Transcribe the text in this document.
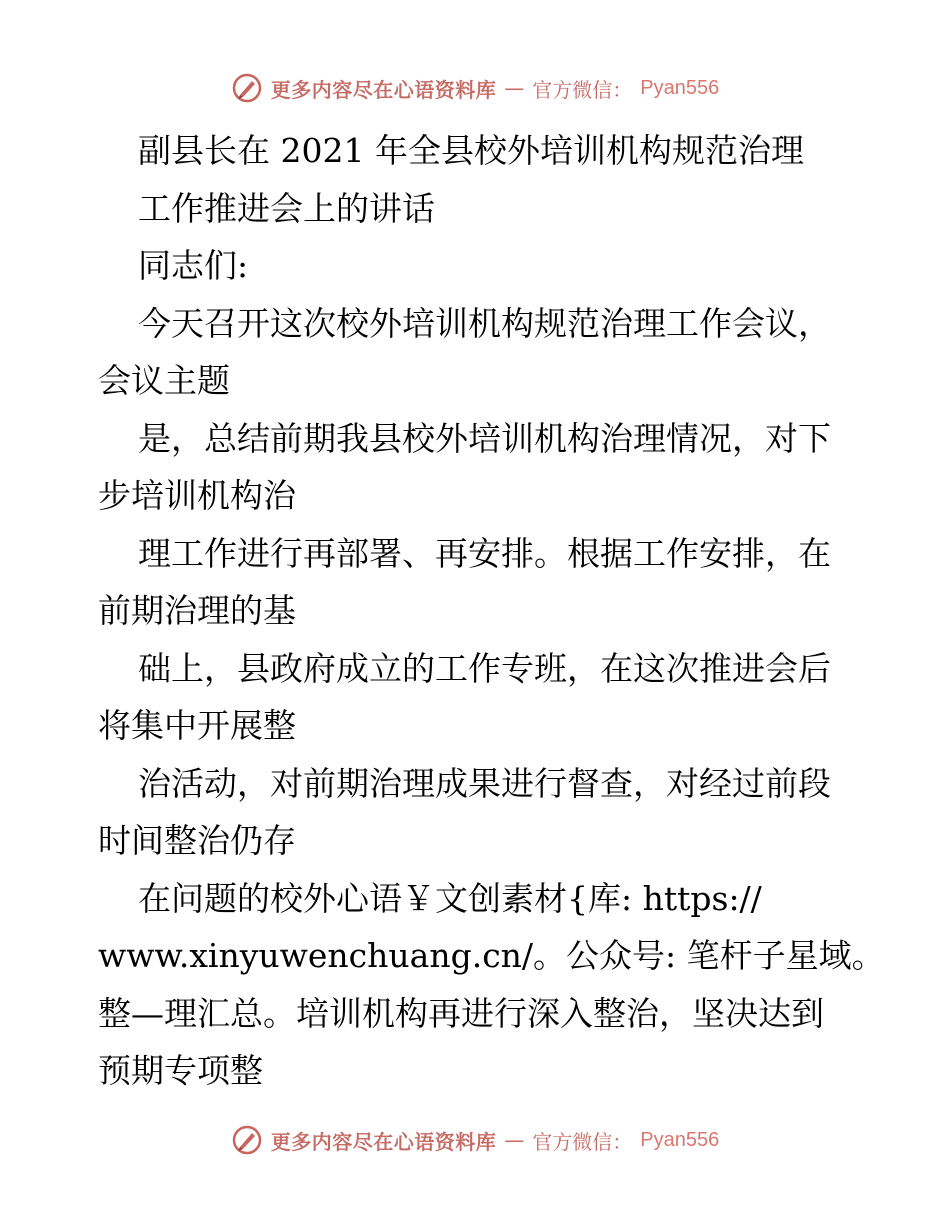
更多内容尽在心语资料库 — 官方微信： Pyan556
副县长在 2021 年全县校外培训机构规范治理
工作推进会上的讲话
同志们:
今天召开这次校外培训机构规范治理工作会议，
会议主题
是，总结前期我县校外培训机构治理情况，对下
步培训机构治
理工作进行再部署、再安排。根据工作安排，在
前期治理的基
础上，县政府成立的工作专班，在这次推进会后
将集中开展整
治活动，对前期治理成果进行督查，对经过前段
时间整治仍存
在问题的校外心语￥文创素材{库: https://
www.xinyuwenchuang.cn/。公众号: 笔杆子星域。
整—理汇总。培训机构再进行深入整治，坚决达到
预期专项整
更多内容尽在心语资料库 — 官方微信： Pyan556
